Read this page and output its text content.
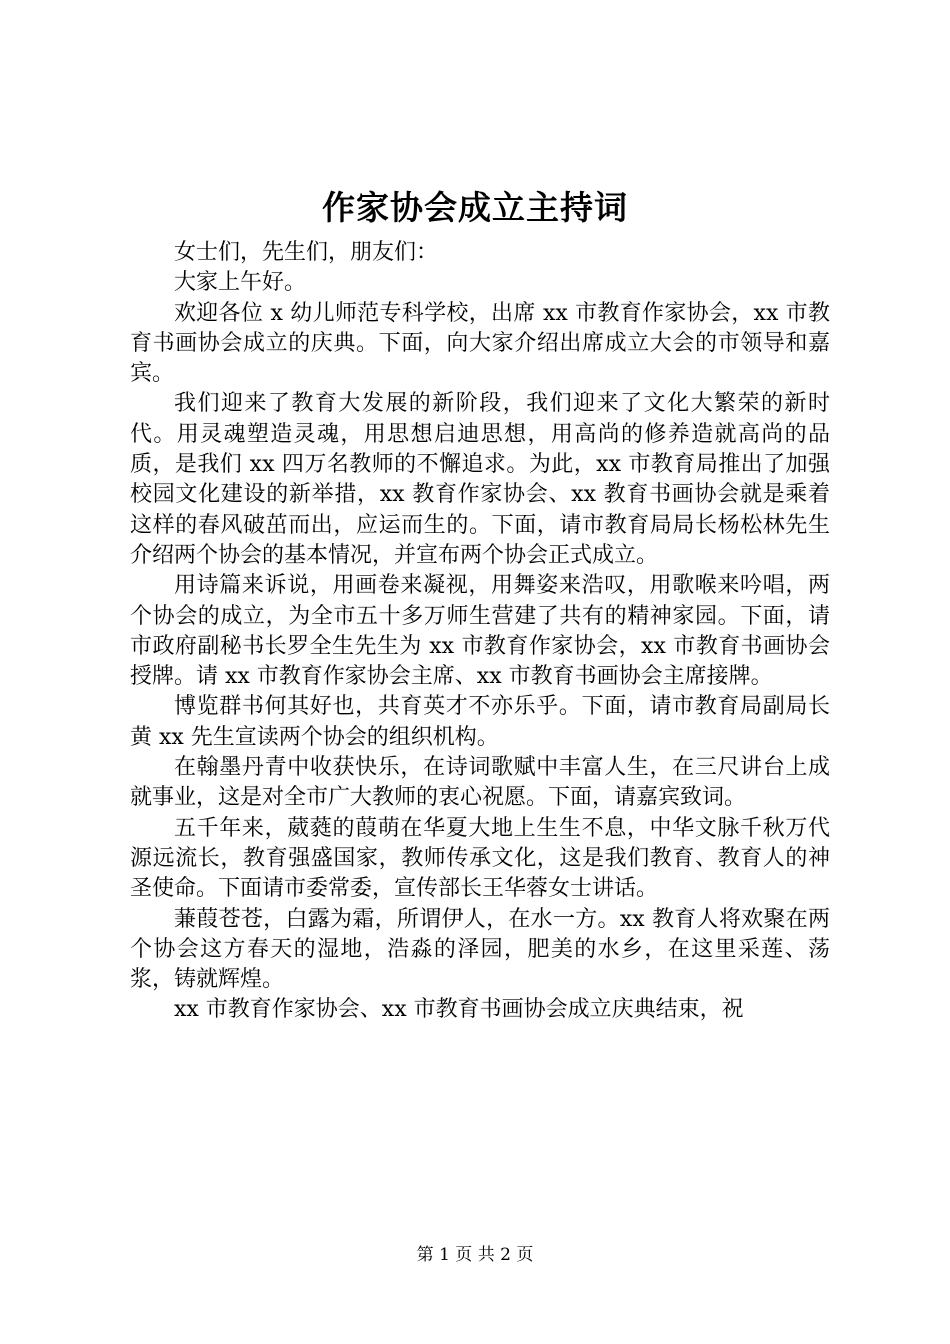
作家协会成立主持词

女士们，先生们，朋友们：

大家上午好。

欢迎各位 x 幼儿师范专科学校，出席 xx 市教育作家协会，xx 市教育书画协会成立的庆典。下面，向大家介绍出席成立大会的市领导和嘉宾。

我们迎来了教育大发展的新阶段，我们迎来了文化大繁荣的新时代。用灵魂塑造灵魂，用思想启迪思想，用高尚的修养造就高尚的品质，是我们 xx 四万名教师的不懈追求。为此，xx 市教育局推出了加强校园文化建设的新举措，xx 教育作家协会、xx 教育书画协会就是乘着这样的春风破茁而出，应运而生的。下面，请市教育局局长杨松林先生介绍两个协会的基本情况，并宣布两个协会正式成立。

用诗篇来诉说，用画卷来凝视，用舞姿来浩叹，用歌喉来吟唱，两个协会的成立，为全市五十多万师生营建了共有的精神家园。下面，请市政府副秘书长罗全生先生为 xx 市教育作家协会，xx 市教育书画协会授牌。请 xx 市教育作家协会主席、xx 市教育书画协会主席接牌。

博览群书何其好也，共育英才不亦乐乎。下面，请市教育局副局长黄 xx 先生宣读两个协会的组织机构。

在翰墨丹青中收获快乐，在诗词歌赋中丰富人生，在三尺讲台上成就事业，这是对全市广大教师的衷心祝愿。下面，请嘉宾致词。

五千年来，葳蕤的葭萌在华夏大地上生生不息，中华文脉千秋万代源远流长，教育强盛国家，教师传承文化，这是我们教育、教育人的神圣使命。下面请市委常委，宣传部长王华蓉女士讲话。

蒹葭苍苍，白露为霜，所谓伊人，在水一方。xx 教育人将欢聚在两个协会这方春天的湿地，浩淼的泽园，肥美的水乡，在这里采莲、荡浆，铸就辉煌。

xx 市教育作家协会、xx 市教育书画协会成立庆典结束，祝

第 1 页 共 2 页
